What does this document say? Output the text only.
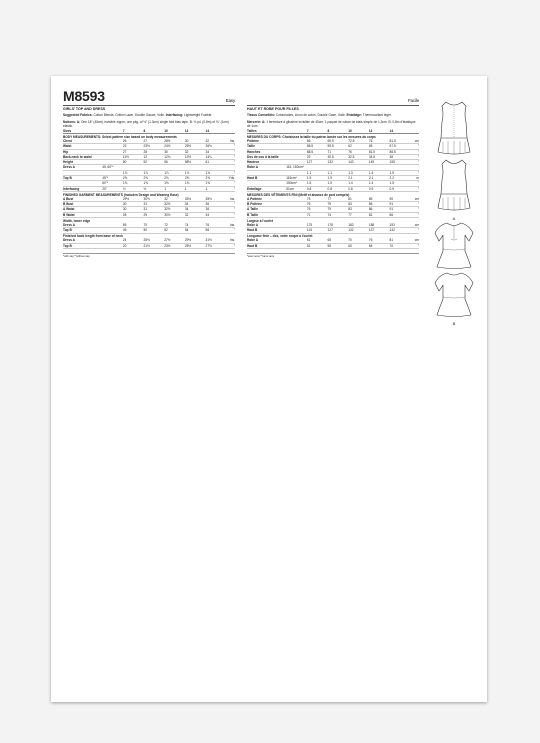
M8593	Easy
GIRLS' TOP AND DRESS
Suggested Fabrics: Cotton Blends, Cotton Lawn, Double Gauze, Voile. Interfacing: Lightweight Fusible.
Notions: A: One 18" (45cm) invisible zipper, one pkg. of ½" (1.3cm) single fold bias tape. B: ⅛ yd. (0.8m) of ⅛" (1cm) elastic.
Sizes		7	8	10	12	14	
BODY MEASUREMENTS: Select pattern size based on body measurements							
Chest		26	27	28½	30	32	Ins.
Waist		23	23½	24½	25½	26½	"
Hip		27	28	30	32	34	"
Back-neck to waist		11½	12	12¾	13½	14¼	"
Height		50	52	56	58½	61	"
Dress A	45, 60"*						
		1⅞	1⅞	1⅞	1⅞	1⅞	"
Top B	45"*	2⅝	2⅝	2⅝	2⅝	2⅝	Yds.
	60"*	1⅝	1⅝	1⅝	1⅝	1⅝	"
Interfacing	20"	⅛	⅛	1	1	1	"
FINISHED GARMENT MEASUREMENTS (Includes Design and Wearing Ease)							
A Bust		29½	30½	32	33½	35½	Ins.
B Bust		30	31	32½	34	36	"
A Waist		30	31	32½	34	36	"
B Waist		28	29	30½	32	34	"
Width, lower edge							
Dress A		69	70	72	74	76	Ins.
Top B		49	50	52	54	56	"
Finished back length from base of neck							
Dress A		24	25½	27½	29½	31½	Ins.
Top B		20	21½	23½	25½	27½	"
*with nap **without nap
Facile
HAUT ET ROBE POUR FILLES
Tissus Conseillés: Cotonnades, Linon de coton, Double Gaze, Voile. Entoilage: Thermocollant léger.
Mercerie: A: 1 fermeture à glissière invisible de 45cm, 1 paquet de ruban de biais simple de 1,3cm. B: 0,8m d'élastique de 1cm.
Tailles		7	8	10	12	14	
MESURES DU CORPS: Choisissez la taille du patron basée sur les mesures du corps							
Poitrine		66	69.5	72.5	76	81.5	cm
Taille		58.5	59.5	62	65	67.5	"
Hanches		68.5	71	76	81.5	86.5	"
Dos de cou à la taille		29	30.5	32.5	34.5	36	"
Hauteur		127	132	143	149	155	"
Robe A	115, 150cm*						
		1.1	1.1	1.3	1.4	1.5	"
Haut B	115cm*	1.9	1.9	2.1	2.1	2.2	m
	150cm*	1.5	1.5	1.4	1.4	1.5	"
Entoilage	51cm	0.8	0.8	0.8	0.9	0.9	"
MESURES DES VÊTEMENTS FINI (Mettf et aisance de port compris)							
A Poitrine		75	77	81	85	90	cm
B Poitrine		76	79	83	86	91	"
A Taille		76	79	83	86	91	"
B Taille		71	74	77	81	86	"
Largeur à l'ourlet							
Robe A		175	178	183	188	193	cm
Haut B		124	127	132	137	142	"
Longueur finie – dos, votre noque à l'ourlet							
Robe A		61	65	70	76	81	cm
Haut B		51	55	60	65	70	"
*avec sens **sans sens
A
B
